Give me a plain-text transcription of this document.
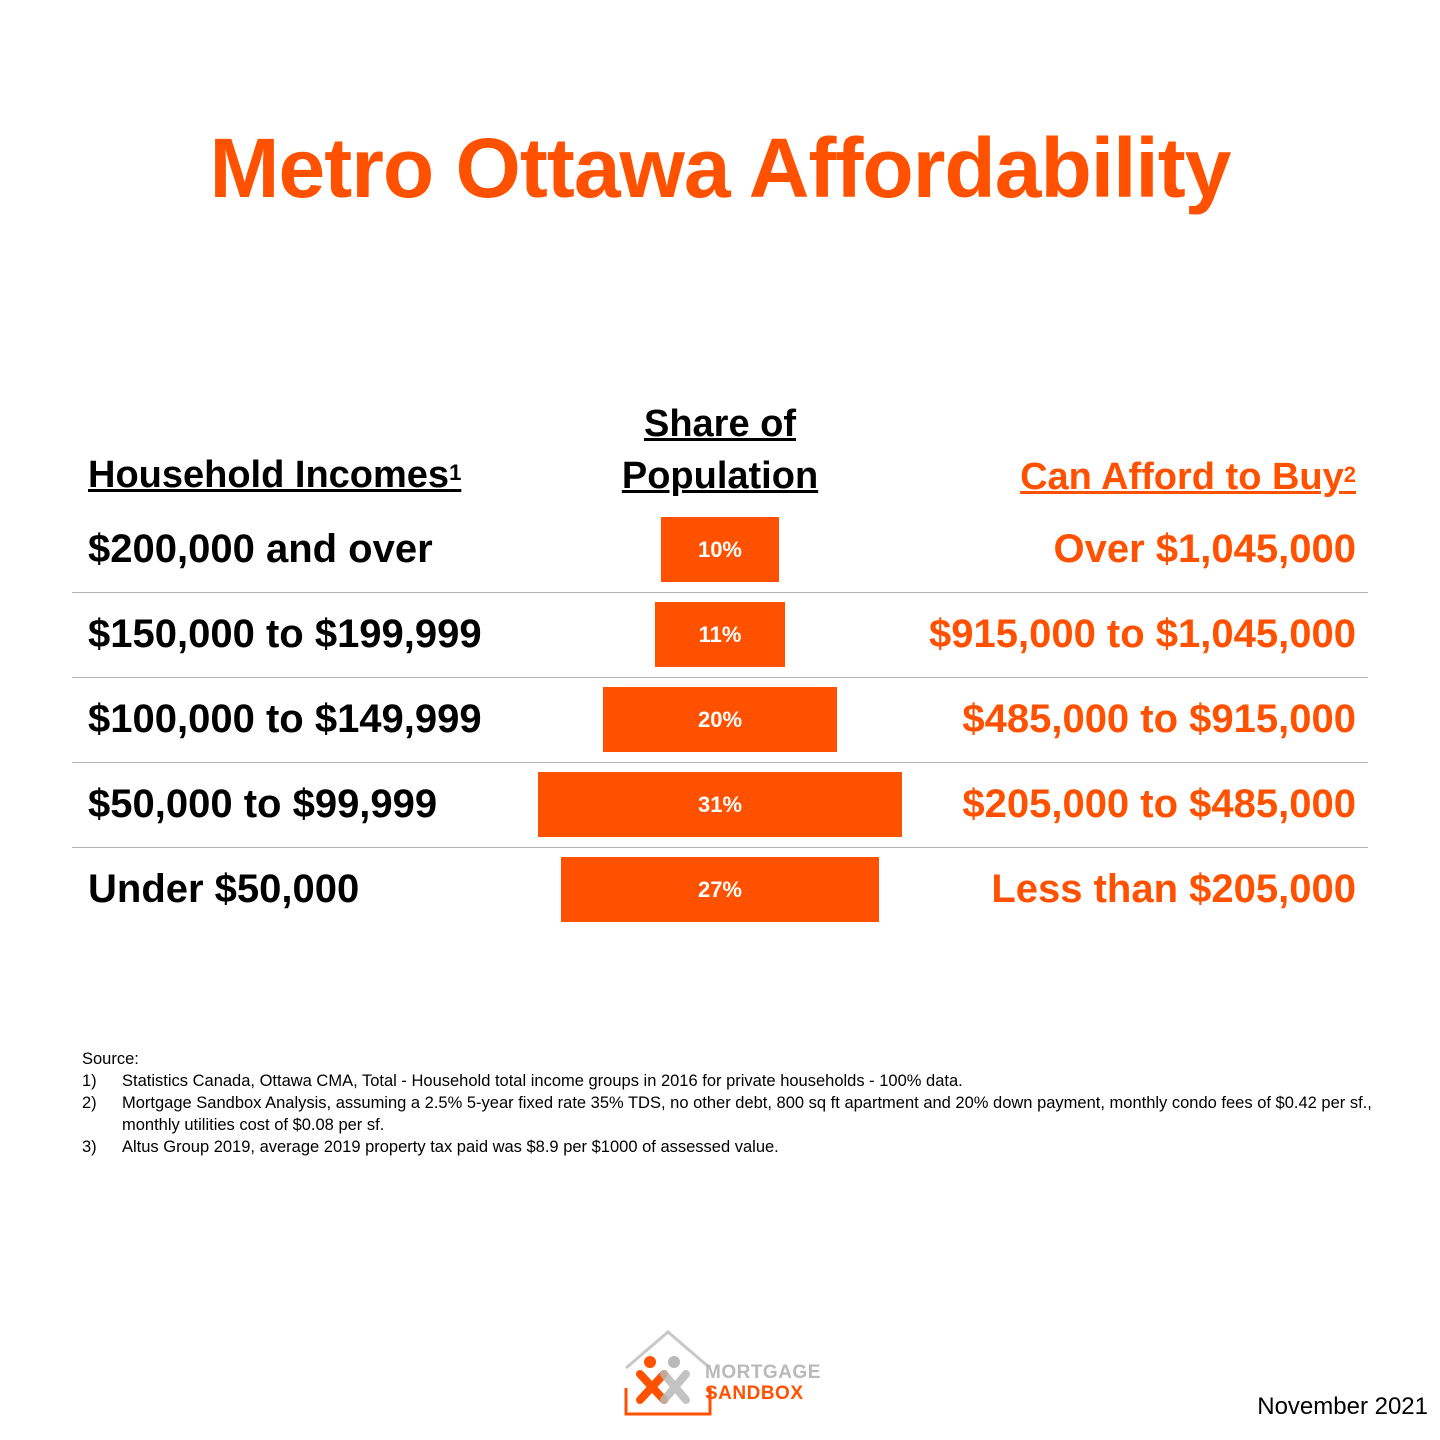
Metro Ottawa Affordability
Household Incomes$^1$
Share of
Population	Can Afford to Buy$^2$
$200,000 and over	10%	Over $1,045,000
$150,000 to $199,999	11%	$915,000 to $1,045,000
$100,000 to $149,999	20%	$485,000 to $915,000
$50,000 to $99,999	31%	$205,000 to $485,000
Under $50,000	27%	Less than $205,000
Source:
1) Statistics Canada, Ottawa CMA, Total - Household total income groups in 2016 for private households - 100% data.
2) Mortgage Sandbox Analysis, assuming a 2.5% 5-year fixed rate 35% TDS, no other debt, 800 sq ft apartment and 20% down payment, monthly condo fees of $0.42 per sf., monthly utilities cost of $0.08 per sf.
3) Altus Group 2019, average 2019 property tax paid was $8.9 per $1000 of assessed value.
MORTGAGE
SANDBOX	November 2021
